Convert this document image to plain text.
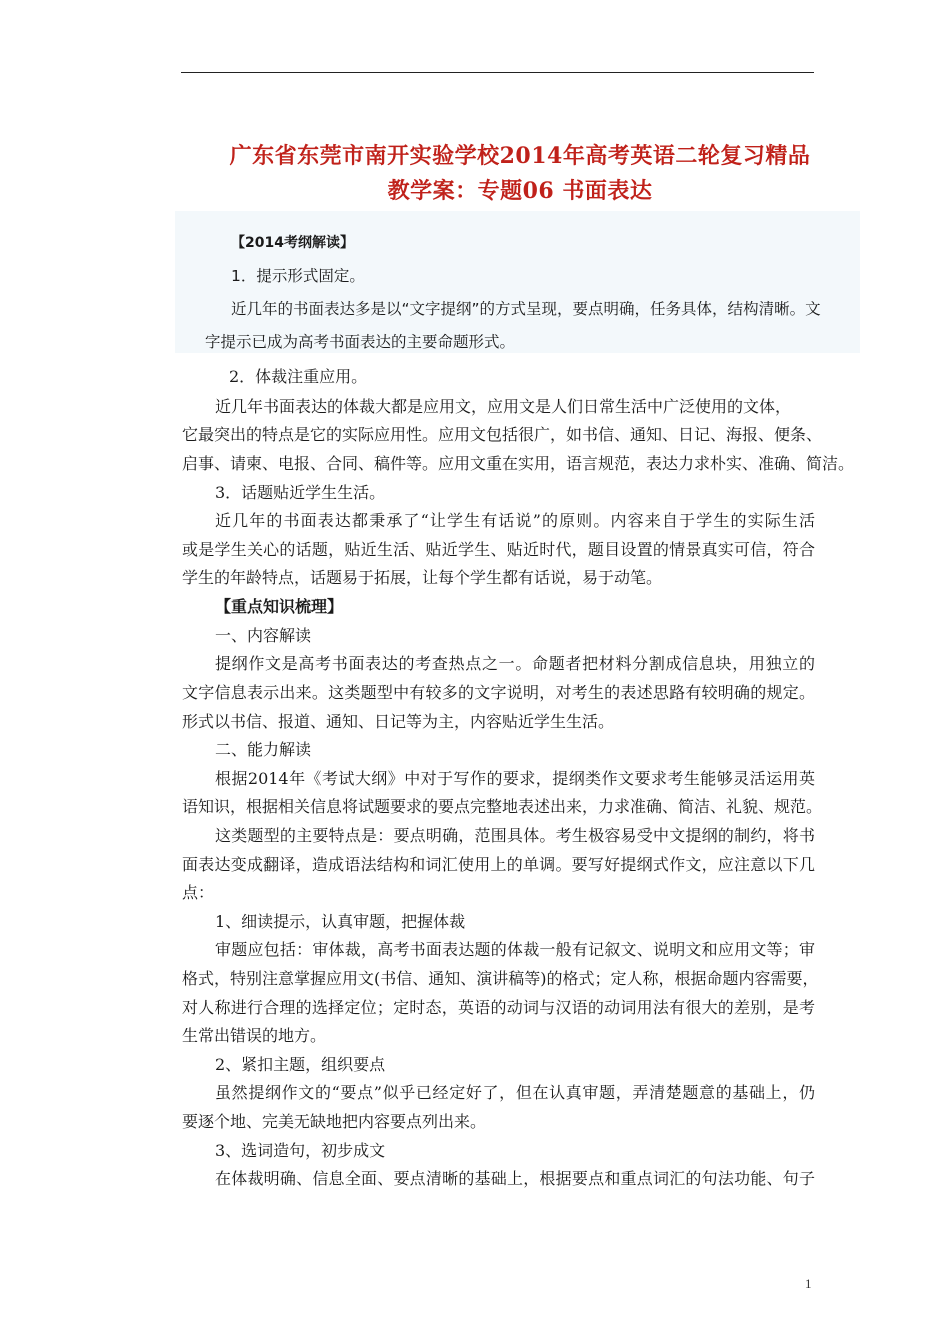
广东省东莞市南开实验学校2014年高考英语二轮复习精品
教学案：专题06 书面表达
【2014考纲解读】
1．提示形式固定。
近几年的书面表达多是以“文字提纲”的方式呈现，要点明确，任务具体，结构清晰。文
字提示已成为高考书面表达的主要命题形式。
2．体裁注重应用。
近几年书面表达的体裁大都是应用文，应用文是人们日常生活中广泛使用的文体，
它最突出的特点是它的实际应用性。应用文包括很广，如书信、通知、日记、海报、便条、
启事、请柬、电报、合同、稿件等。应用文重在实用，语言规范，表达力求朴实、准确、简洁。
3．话题贴近学生生活。
近几年的书面表达都秉承了“让学生有话说”的原则。内容来自于学生的实际生活
或是学生关心的话题，贴近生活、贴近学生、贴近时代，题目设置的情景真实可信，符合
学生的年龄特点，话题易于拓展，让每个学生都有话说，易于动笔。
【重点知识梳理】
一、内容解读
提纲作文是高考书面表达的考查热点之一。命题者把材料分割成信息块，用独立的
文字信息表示出来。这类题型中有较多的文字说明，对考生的表述思路有较明确的规定。
形式以书信、报道、通知、日记等为主，内容贴近学生生活。
二、能力解读
根据2014年《考试大纲》中对于写作的要求，提纲类作文要求考生能够灵活运用英
语知识，根据相关信息将试题要求的要点完整地表述出来，力求准确、简洁、礼貌、规范。
这类题型的主要特点是：要点明确，范围具体。考生极容易受中文提纲的制约，将书
面表达变成翻译，造成语法结构和词汇使用上的单调。要写好提纲式作文，应注意以下几
点：
1、细读提示，认真审题，把握体裁
审题应包括：审体裁，高考书面表达题的体裁一般有记叙文、说明文和应用文等；审
格式，特别注意掌握应用文(书信、通知、演讲稿等)的格式；定人称，根据命题内容需要，
对人称进行合理的选择定位；定时态，英语的动词与汉语的动词用法有很大的差别，是考
生常出错误的地方。
2、紧扣主题，组织要点
虽然提纲作文的“要点”似乎已经定好了，但在认真审题，弄清楚题意的基础上，仍
要逐个地、完美无缺地把内容要点列出来。
3、选词造句，初步成文
在体裁明确、信息全面、要点清晰的基础上，根据要点和重点词汇的句法功能、句子
1
